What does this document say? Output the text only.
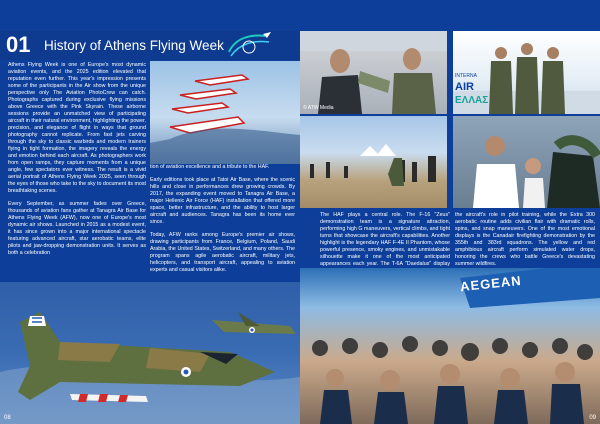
01 History of Athens Flying Week

Athens Flying Week is one of Europe's most dynamic aviation events, and the 2025 edition elevated that reputation even further. This year's impression presents some of the participants in the Air show from the unique perspective only The Aviation PhotoCrew can catch. Photographs captured during exclusive flying missions above Greece with the Pink Skyrain. These airborne sessions provide an unmatched view of participating aircraft in their natural environment, highlighting the power, precision, and elegance of flight in ways that ground photography cannot replicate. From fast jets carving through the sky to classic warbirds and modern trainers flying in tight formation, the imagery reveals the energy and emotion behind each aircraft. As photographers work from open ramps, they capture moments from a unique angle, few spectators ever witness. The result is a vivid aerial portrait of Athens Flying Week 2025, seen through the eyes of those who take to the sky to document its most breathtaking scenes.

Every September, as summer fades over Greece, thousands of aviation fans gather at Tanagra Air Base for Athens Flying Week (AFW), now one of Europe's most dynamic air shows. Launched in 2015 as a modest event, it has since grown into a major international spectacle featuring advanced aircraft, star aerobatic teams, elite pilots and jaw-dropping demonstration units. It serves as both a celebration

tion of aviation excellence and a tribute to the HAF.

Early editions took place at Tatoi Air Base, where the scenic hills and close in performances drew growing crowds. By 2017, the expanding event moved to Tanagra Air Base, a major Hellenic Air Force (HAF) installation that offered more space, better infrastructure, and the ability to host larger aircraft and audiences. Tanagra has been its home ever since.

Today, AFW ranks among Europe's premier air shows, drawing participants from France, Belgium, Poland, Saudi Arabia, the United States, Switzerland, and many others. The program spans agile aerobatic aircraft, military jets, helicopters, and transport aircraft, appealing to aviation experts and casual visitors alike.

08
© ATW Media
INTERNA
AIR
ΕΛΛΑΣ

The HAF plays a central role. The F-16 "Zeus" demonstration team is a signature attraction, performing high G maneuvers, vertical climbs, and tight turns that showcase the aircraft's capabilities. Another highlight is the legendary HAF F-4E II Phantom, whose powerful presence, smoky engines, and unmistakable silhouette make it one of the most anticipated appearances each year. The T-6A "Daedalus" display

the aircraft's role in pilot training, while the Extra 300 aerobatic routine adds civilian flair with dramatic rolls, spins, and snap maneuvers. One of the most emotional displays is the Canadair firefighting demonstration by the 355th and 383rd squadrons. The yellow and red amphibious aircraft perform simulated water drops, honoring the crews who battle Greece's devastating summer wildfires.

AEGEAN
09
